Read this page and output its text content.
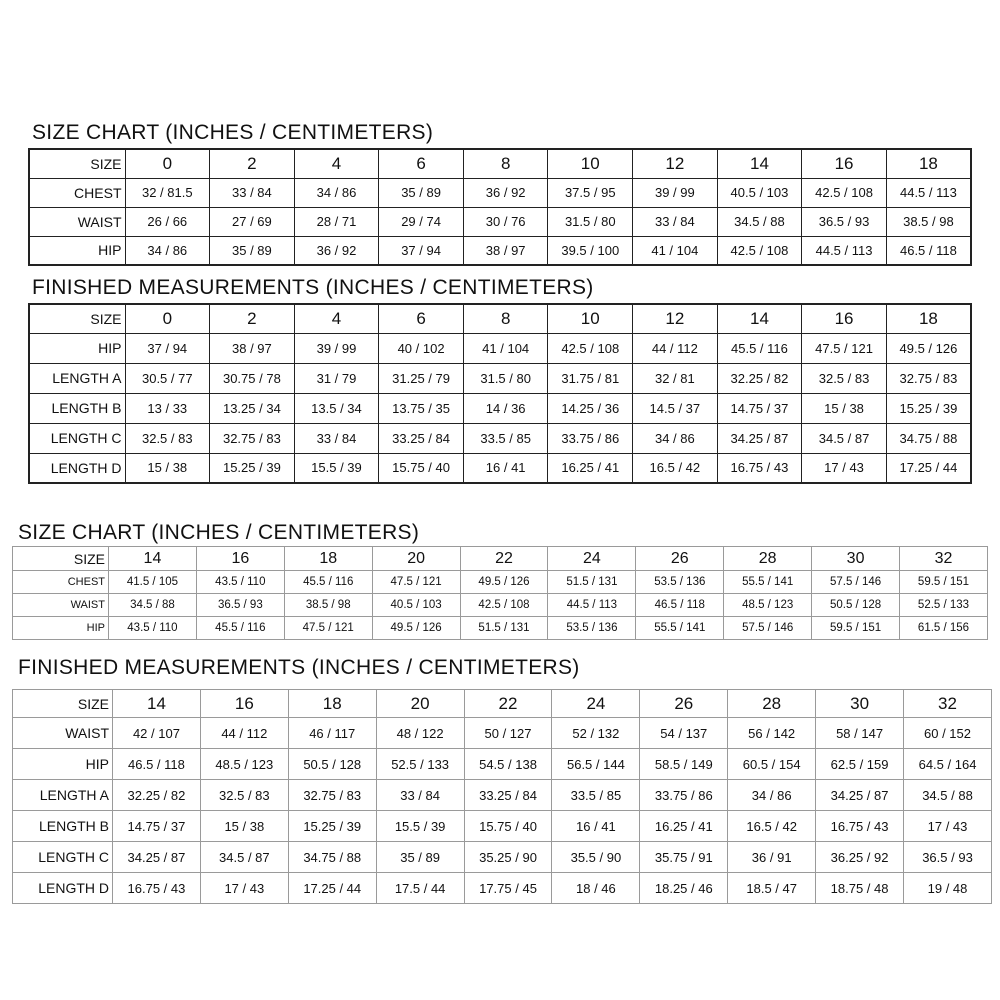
SIZE CHART (INCHES / CENTIMETERS)
SIZE	0	2	4	6	8	10	12	14	16	18
CHEST	32 / 81.5	33 / 84	34 / 86	35 / 89	36 / 92	37.5 / 95	39 / 99	40.5 / 103	42.5 / 108	44.5 / 113
WAIST	26 / 66	27 / 69	28 / 71	29 / 74	30 / 76	31.5 / 80	33 / 84	34.5 / 88	36.5 / 93	38.5 / 98
HIP	34 / 86	35 / 89	36 / 92	37 / 94	38 / 97	39.5 / 100	41 / 104	42.5 / 108	44.5 / 113	46.5 / 118
FINISHED MEASUREMENTS (INCHES / CENTIMETERS)
SIZE	0	2	4	6	8	10	12	14	16	18
HIP	37 / 94	38 / 97	39 / 99	40 / 102	41 / 104	42.5 / 108	44 / 112	45.5 / 116	47.5 / 121	49.5 / 126
LENGTH A	30.5 / 77	30.75 / 78	31 / 79	31.25 / 79	31.5 / 80	31.75 / 81	32 / 81	32.25 / 82	32.5 / 83	32.75 / 83
LENGTH B	13 / 33	13.25 / 34	13.5 / 34	13.75 / 35	14 / 36	14.25 / 36	14.5 / 37	14.75 / 37	15 / 38	15.25 / 39
LENGTH C	32.5 / 83	32.75 / 83	33 / 84	33.25 / 84	33.5 / 85	33.75 / 86	34 / 86	34.25 / 87	34.5 / 87	34.75 / 88
LENGTH D	15 / 38	15.25 / 39	15.5 / 39	15.75 / 40	16 / 41	16.25 / 41	16.5 / 42	16.75 / 43	17 / 43	17.25 / 44
SIZE CHART (INCHES / CENTIMETERS)
SIZE	14	16	18	20	22	24	26	28	30	32
CHEST	41.5 / 105	43.5 / 110	45.5 / 116	47.5 / 121	49.5 / 126	51.5 / 131	53.5 / 136	55.5 / 141	57.5 / 146	59.5 / 151
WAIST	34.5 / 88	36.5 / 93	38.5 / 98	40.5 / 103	42.5 / 108	44.5 / 113	46.5 / 118	48.5 / 123	50.5 / 128	52.5 / 133
HIP	43.5 / 110	45.5 / 116	47.5 / 121	49.5 / 126	51.5 / 131	53.5 / 136	55.5 / 141	57.5 / 146	59.5 / 151	61.5 / 156
FINISHED MEASUREMENTS (INCHES / CENTIMETERS)
SIZE	14	16	18	20	22	24	26	28	30	32
WAIST	42 / 107	44 / 112	46 / 117	48 / 122	50 / 127	52 / 132	54 / 137	56 / 142	58 / 147	60 / 152
HIP	46.5 / 118	48.5 / 123	50.5 / 128	52.5 / 133	54.5 / 138	56.5 / 144	58.5 / 149	60.5 / 154	62.5 / 159	64.5 / 164
LENGTH A	32.25 / 82	32.5 / 83	32.75 / 83	33 / 84	33.25 / 84	33.5 / 85	33.75 / 86	34 / 86	34.25 / 87	34.5 / 88
LENGTH B	14.75 / 37	15 / 38	15.25 / 39	15.5 / 39	15.75 / 40	16 / 41	16.25 / 41	16.5 / 42	16.75 / 43	17 / 43
LENGTH C	34.25 / 87	34.5 / 87	34.75 / 88	35 / 89	35.25 / 90	35.5 / 90	35.75 / 91	36 / 91	36.25 / 92	36.5 / 93
LENGTH D	16.75 / 43	17 / 43	17.25 / 44	17.5 / 44	17.75 / 45	18 / 46	18.25 / 46	18.5 / 47	18.75 / 48	19 / 48
